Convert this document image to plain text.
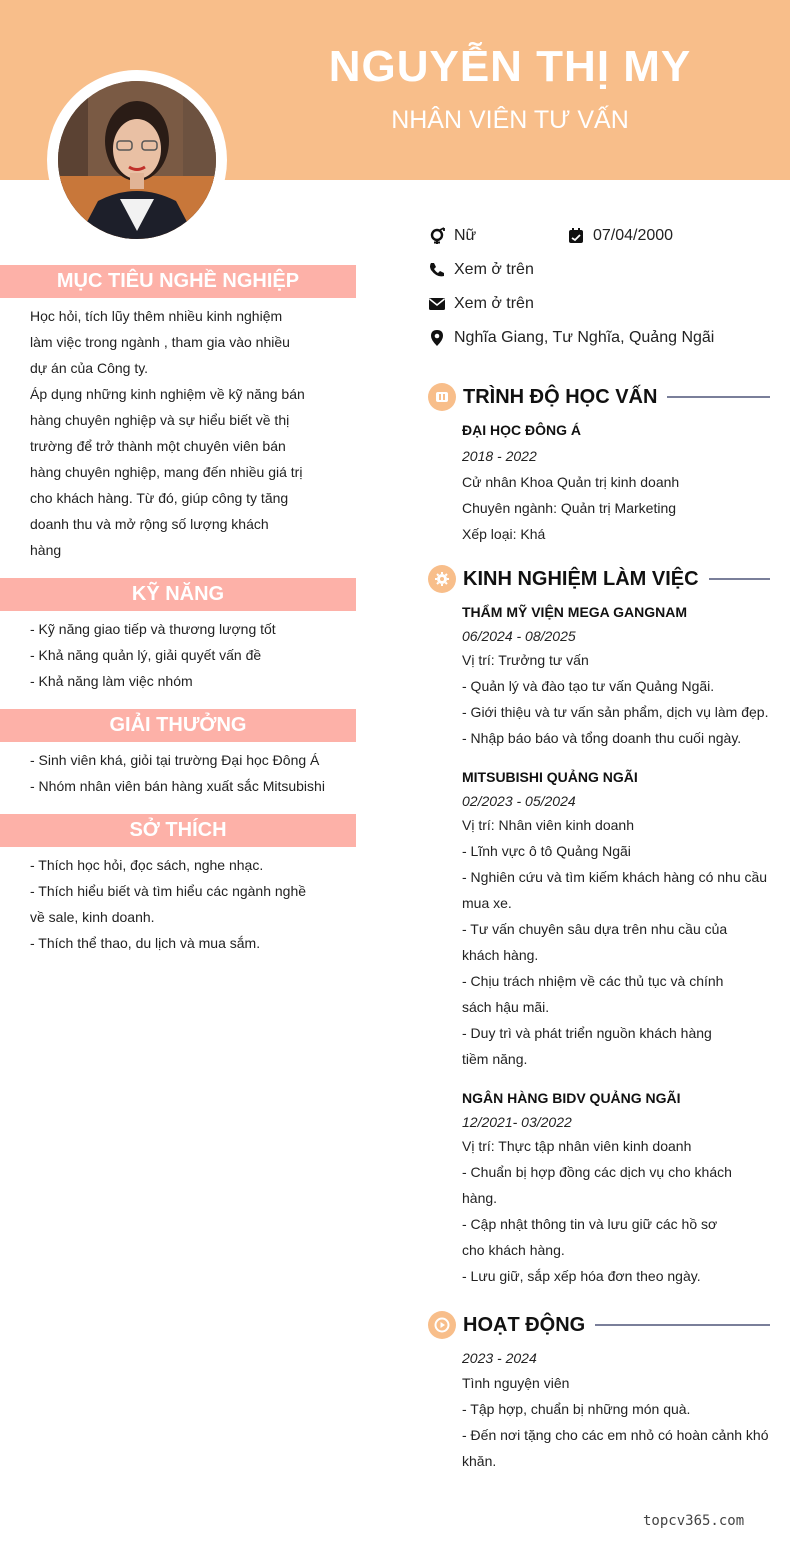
NGUYỄN THỊ MY
NHÂN VIÊN TƯ VẤN
Nữ	07/04/2000
Xem ở trên
Xem ở trên
Nghĩa Giang, Tư Nghĩa, Quảng Ngãi
MỤC TIÊU NGHỀ NGHIỆP

Học hỏi, tích lũy thêm nhiều kinh nghiệm

làm việc trong ngành , tham gia vào nhiều

dự án của Công ty.

Áp dụng những kinh nghiệm về kỹ năng bán

hàng chuyên nghiệp và sự hiểu biết về thị

trường để trở thành một chuyên viên bán

hàng chuyên nghiệp, mang đến nhiều giá trị

cho khách hàng. Từ đó, giúp công ty tăng

doanh thu và mở rộng số lượng khách

hàng

KỸ NĂNG

- Kỹ năng giao tiếp và thương lượng tốt

- Khả năng quản lý, giải quyết vấn đề

- Khả năng làm việc nhóm

GIẢI THƯỞNG

- Sinh viên khá, giỏi tại trường Đại học Đông Á

- Nhóm nhân viên bán hàng xuất sắc Mitsubishi

SỞ THÍCH

- Thích học hỏi, đọc sách, nghe nhạc.

- Thích hiểu biết và tìm hiểu các ngành nghề

về sale, kinh doanh.

- Thích thể thao, du lịch và mua sắm.

TRÌNH ĐỘ HỌC VẤN

ĐẠI HỌC ĐÔNG Á

2018 - 2022

Cử nhân Khoa Quản trị kinh doanh

Chuyên ngành: Quản trị Marketing

Xếp loại: Khá

KINH NGHIỆM LÀM VIỆC

THẨM MỸ VIỆN MEGA GANGNAM

06/2024 - 08/2025

Vị trí: Trưởng tư vấn

- Quản lý và đào tạo tư vấn Quảng Ngãi.

- Giới thiệu và tư vấn sản phẩm, dịch vụ làm đẹp.

- Nhập báo báo và tổng doanh thu cuối ngày.

MITSUBISHI QUẢNG NGÃI

02/2023 - 05/2024

Vị trí: Nhân viên kinh doanh

- Lĩnh vực ô tô Quảng Ngãi

- Nghiên cứu và tìm kiếm khách hàng có nhu cầu

mua xe.

- Tư vấn chuyên sâu dựa trên nhu cầu của

khách hàng.

- Chịu trách nhiệm về các thủ tục và chính

sách hậu mãi.

- Duy trì và phát triển nguồn khách hàng

tiềm năng.

NGÂN HÀNG BIDV QUẢNG NGÃI

12/2021- 03/2022

Vị trí: Thực tập nhân viên kinh doanh

- Chuẩn bị hợp đồng các dịch vụ cho khách

hàng.

- Cập nhật thông tin và lưu giữ các hồ sơ

cho khách hàng.

- Lưu giữ, sắp xếp hóa đơn theo ngày.

HOẠT ĐỘNG

2023 - 2024

Tình nguyện viên

- Tập hợp, chuẩn bị những món quà.

- Đến nơi tặng cho các em nhỏ có hoàn cảnh khó

khăn.

topcv365.com
